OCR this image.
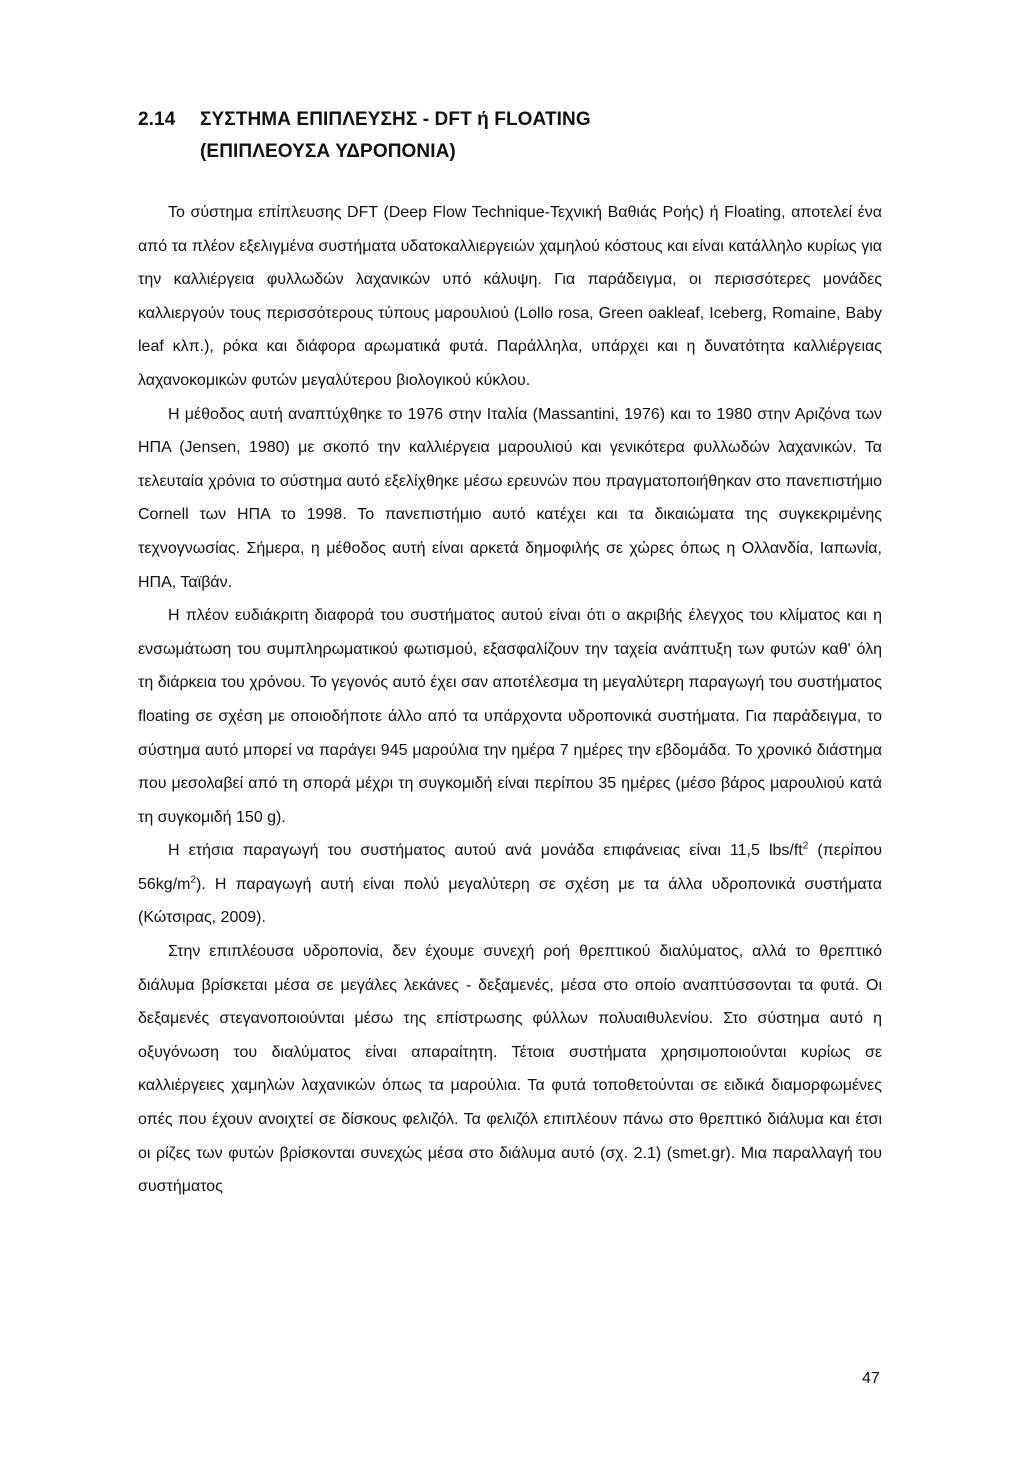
2.14 ΣΥΣΤΗΜΑ ΕΠΙΠΛΕΥΣΗΣ - DFT ή FLOATING
(ΕΠΙΠΛΕΟΥΣΑ ΥΔΡΟΠΟΝΙΑ)

Το σύστημα επίπλευσης DFT (Deep Flow Technique-Τεχνική Βαθιάς Ροής) ή Floating, αποτελεί ένα από τα πλέον εξελιγμένα συστήματα υδατοκαλλιεργειών χαμηλού κόστους και είναι κατάλληλο κυρίως για την καλλιέργεια φυλλωδών λαχανικών υπό κάλυψη. Για παράδειγμα, οι περισσότερες μονάδες καλλιεργούν τους περισσότερους τύπους μαρουλιού (Lollo rosa, Green oakleaf, Iceberg, Romaine, Baby leaf κλπ.), ρόκα και διάφορα αρωματικά φυτά. Παράλληλα, υπάρχει και η δυνατότητα καλλιέργειας λαχανοκομικών φυτών μεγαλύτερου βιολογικού κύκλου.

Η μέθοδος αυτή αναπτύχθηκε το 1976 στην Ιταλία (Massantini, 1976) και το 1980 στην Αριζόνα των ΗΠΑ (Jensen, 1980) με σκοπό την καλλιέργεια μαρουλιού και γενικότερα φυλλωδών λαχανικών. Τα τελευταία χρόνια το σύστημα αυτό εξελίχθηκε μέσω ερευνών που πραγματοποιήθηκαν στο πανεπιστήμιο Cornell των ΗΠΑ το 1998. Το πανεπιστήμιο αυτό κατέχει και τα δικαιώματα της συγκεκριμένης τεχνογνωσίας. Σήμερα, η μέθοδος αυτή είναι αρκετά δημοφιλής σε χώρες όπως η Ολλανδία, Ιαπωνία, ΗΠΑ, Ταϊβάν.

Η πλέον ευδιάκριτη διαφορά του συστήματος αυτού είναι ότι ο ακριβής έλεγχος του κλίματος και η ενσωμάτωση του συμπληρωματικού φωτισμού, εξασφαλίζουν την ταχεία ανάπτυξη των φυτών καθ' όλη τη διάρκεια του χρόνου. Το γεγονός αυτό έχει σαν αποτέλεσμα τη μεγαλύτερη παραγωγή του συστήματος floating σε σχέση με οποιοδήποτε άλλο από τα υπάρχοντα υδροπονικά συστήματα. Για παράδειγμα, το σύστημα αυτό μπορεί να παράγει 945 μαρούλια την ημέρα 7 ημέρες την εβδομάδα. Το χρονικό διάστημα που μεσολαβεί από τη σπορά μέχρι τη συγκομιδή είναι περίπου 35 ημέρες (μέσο βάρος μαρουλιού κατά τη συγκομιδή 150 g).

Η ετήσια παραγωγή του συστήματος αυτού ανά μονάδα επιφάνειας είναι 11,5 lbs/$ft^2$ (περίπου $56kg/m^2$). Η παραγωγή αυτή είναι πολύ μεγαλύτερη σε σχέση με τα άλλα υδροπονικά συστήματα (Κώτσιρας, 2009).

Στην επιπλέουσα υδροπονία, δεν έχουμε συνεχή ροή θρεπτικού διαλύματος, αλλά το θρεπτικό διάλυμα βρίσκεται μέσα σε μεγάλες λεκάνες - δεξαμενές, μέσα στο οποίο αναπτύσσονται τα φυτά. Οι δεξαμενές στεγανοποιούνται μέσω της επίστρωσης φύλλων πολυαιθυλενίου. Στο σύστημα αυτό η οξυγόνωση του διαλύματος είναι απαραίτητη. Τέτοια συστήματα χρησιμοποιούνται κυρίως σε καλλιέργειες χαμηλών λαχανικών όπως τα μαρούλια. Τα φυτά τοποθετούνται σε ειδικά διαμορφωμένες οπές που έχουν ανοιχτεί σε δίσκους φελιζόλ. Τα φελιζόλ επιπλέουν πάνω στο θρεπτικό διάλυμα και έτσι οι ρίζες των φυτών βρίσκονται συνεχώς μέσα στο διάλυμα αυτό (σχ. 2.1) (smet.gr). Μια παραλλαγή του συστήματος

47
